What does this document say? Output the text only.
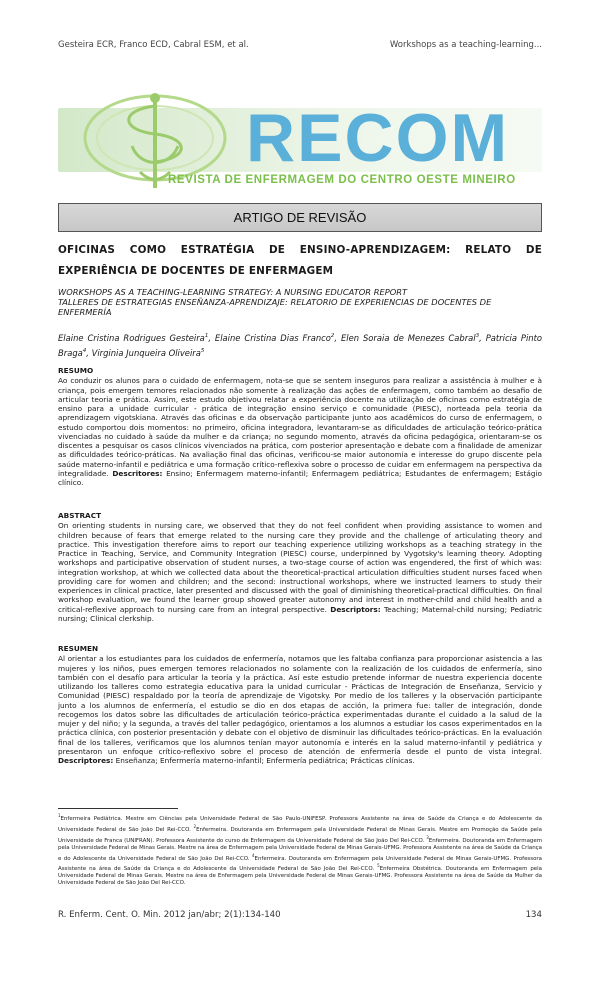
Gesteira ECR, Franco ECD, Cabral ESM, et al.	Workshops as a teaching-learning...
RECOM
REVISTA DE ENFERMAGEM DO CENTRO OESTE MINEIRO
ARTIGO DE REVISÃO
OFICINAS COMO ESTRATÉGIA DE ENSINO-APRENDIZAGEM: RELATO DE EXPERIÊNCIA DE DOCENTES DE ENFERMAGEM
WORKSHOPS AS A TEACHING-LEARNING STRATEGY: A NURSING EDUCATOR REPORT
TALLERES DE ESTRATEGIAS ENSEÑANZA-APRENDIZAJE: RELATORIO DE EXPERIENCIAS DE DOCENTES DE ENFERMERÍA
Elaine Cristina Rodrigues Gesteira$^1$, Elaine Cristina Dias Franco$^2$, Elen Soraia de Menezes Cabral$^3$, Patricia Pinto Braga$^4$, Virginia Junqueira Oliveira$^5$
RESUMO
Ao conduzir os alunos para o cuidado de enfermagem, nota-se que se sentem inseguros para realizar a assistência à mulher e à criança, pois emergem temores relacionados não somente à realização das ações de enfermagem, como também ao desafio de articular teoria e prática. Assim, este estudo objetivou relatar a experiência docente na utilização de oficinas como estratégia de ensino para a unidade curricular - prática de integração ensino serviço e comunidade (PIESC), norteada pela teoria da aprendizagem vigotskiana. Através das oficinas e da observação participante junto aos acadêmicos do curso de enfermagem, o estudo comportou dois momentos: no primeiro, oficina integradora, levantaram-se as dificuldades de articulação teórico-prática vivenciadas no cuidado à saúde da mulher e da criança; no segundo momento, através da oficina pedagógica, orientaram-se os discentes a pesquisar os casos clínicos vivenciados na prática, com posterior apresentação e debate com a finalidade de amenizar as dificuldades teórico-práticas. Na avaliação final das oficinas, verificou-se maior autonomia e interesse do grupo discente pela saúde materno-infantil e pediátrica e uma formação crítico-reflexiva sobre o processo de cuidar em enfermagem na perspectiva da integralidade. Descritores: Ensino; Enfermagem materno-infantil; Enfermagem pediátrica; Estudantes de enfermagem; Estágio clínico.
ABSTRACT
On orienting students in nursing care, we observed that they do not feel confident when providing assistance to women and children because of fears that emerge related to the nursing care they provide and the challenge of articulating theory and practice. This investigation therefore aims to report our teaching experience utilizing workshops as a teaching strategy in the Practice in Teaching, Service, and Community Integration (PIESC) course, underpinned by Vygotsky's learning theory. Adopting workshops and participative observation of student nurses, a two-stage course of action was engendered, the first of which was: integration workshop, at which we collected data about the theoretical-practical articulation difficulties student nurses faced when providing care for women and children; and the second: instructional workshops, where we instructed learners to study their experiences in clinical practice, later presented and discussed with the goal of diminishing theoretical-practical difficulties. On final workshop evaluation, we found the learner group showed greater autonomy and interest in mother-child and child health and a critical-reflexive approach to nursing care from an integral perspective. Descriptors: Teaching; Maternal-child nursing; Pediatric nursing; Clinical clerkship.
RESUMEN
Al orientar a los estudiantes para los cuidados de enfermería, notamos que les faltaba confianza para proporcionar asistencia a las mujeres y los niños, pues emergen temores relacionados no solamente con la realización de los cuidados de enfermería, sino también con el desafío para articular la teoría y la práctica. Así este estudio pretende informar de nuestra experiencia docente utilizando los talleres como estrategia educativa para la unidad curricular - Prácticas de Integración de Enseñanza, Servicio y Comunidad (PIESC) respaldado por la teoría de aprendizaje de Vigotsky. Por medio de los talleres y la observación participante junto a los alumnos de enfermería, el estudio se dio en dos etapas de acción, la primera fue: taller de integración, donde recogemos los datos sobre las dificultades de articulación teórico-práctica experimentadas durante el cuidado a la salud de la mujer y del niño; y la segunda, a través del taller pedagógico, orientamos a los alumnos a estudiar los casos experimentados en la práctica clínica, con posterior presentación y debate con el objetivo de disminuir las dificultades teórico-prácticas. En la evaluación final de los talleres, verificamos que los alumnos tenían mayor autonomía e interés en la salud materno-infantil y pediátrica y presentaron un enfoque crítico-reflexivo sobre el proceso de atención de enfermería desde el punto de vista integral. Descriptores: Enseñanza; Enfermería materno-infantil; Enfermería pediátrica; Prácticas clínicas.
$^1$Enfermeira Pediátrica. Mestre em Ciências pela Universidade Federal de São Paulo-UNIFESP. Professora Assistente na área de Saúde da Criança e do Adolescente da Universidade Federal de São João Del Rei-CCO. $^2$Enfermeira. Doutoranda em Enfermagem pela Universidade Federal de Minas Gerais. Mestre em Promoção da Saúde pela Universidade de Franca (UNIFRAN). Professora Assistente do curso de Enfermagem da Universidade Federal de São João Del Rei-CCO. $^3$Enfermeira. Doutoranda em Enfermagem pela Universidade Federal de Minas Gerais. Mestre na área de Enfermagem pela Universidade Federal de Minas Gerais-UFMG. Professora Assistente na área de Saúde da Criança e do Adolescente da Universidade Federal de São João Del Rei-CCO. $^4$Enfermeira. Doutoranda em Enfermagem pela Universidade Federal de Minas Gerais-UFMG. Professora Assistente na área de Saúde da Criança e do Adolescente da Universidade Federal de São João Del Rei-CCO. $^5$Enfermeira Obstétrica. Doutoranda em Enfermagem pela Universidade Federal de Minas Gerais. Mestre na área de Enfermagem pela Universidade Federal de Minas Gerais-UFMG. Professora Assistente na área de Saúde da Mulher da Universidade Federal de São João Del Rei-CCO.
R. Enferm. Cent. O. Min. 2012 jan/abr; 2(1):134-140	134
